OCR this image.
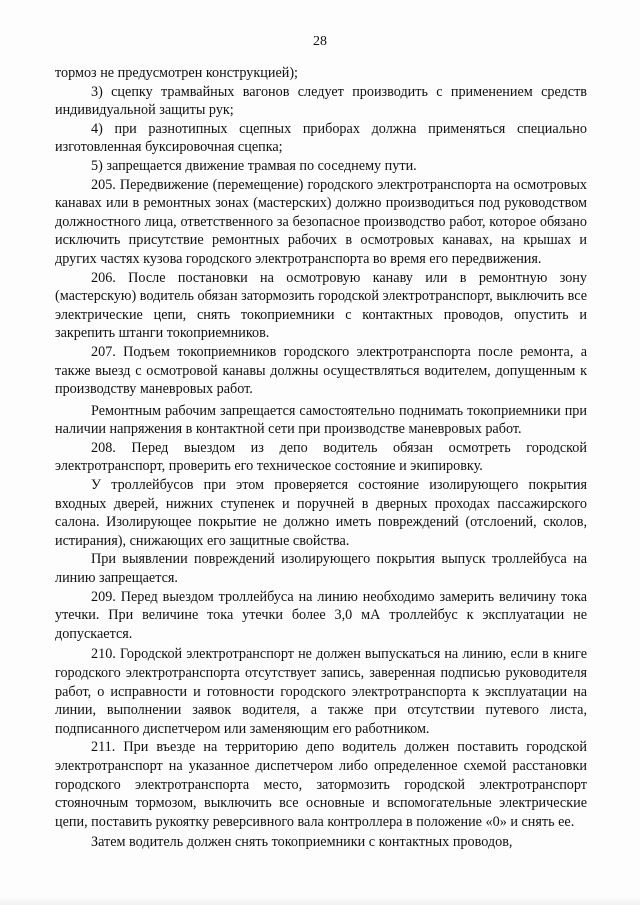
28

тормоз не предусмотрен конструкцией);

3) сцепку трамвайных вагонов следует производить с применением средств индивидуальной защиты рук;

4) при разнотипных сцепных приборах должна применяться специально изготовленная буксировочная сцепка;

5) запрещается движение трамвая по соседнему пути.

205. Передвижение (перемещение) городского электротранспорта на осмотровых канавах или в ремонтных зонах (мастерских) должно производиться под руководством должностного лица, ответственного за безопасное производство работ, которое обязано исключить присутствие ремонтных рабочих в осмотровых канавах, на крышах и других частях кузова городского электротранспорта во время его передвижения.

206. После постановки на осмотровую канаву или в ремонтную зону (мастерскую) водитель обязан затормозить городской электротранспорт, выключить все электрические цепи, снять токоприемники с контактных проводов, опустить и закрепить штанги токоприемников.

207. Подъем токоприемников городского электротранспорта после ремонта, а также выезд с осмотровой канавы должны осуществляться водителем, допущенным к производству маневровых работ.

Ремонтным рабочим запрещается самостоятельно поднимать токоприемники при наличии напряжения в контактной сети при производстве маневровых работ.

208. Перед выездом из депо водитель обязан осмотреть городской электротранспорт, проверить его техническое состояние и экипировку.

У троллейбусов при этом проверяется состояние изолирующего покрытия входных дверей, нижних ступенек и поручней в дверных проходах пассажирского салона. Изолирующее покрытие не должно иметь повреждений (отслоений, сколов, истирания), снижающих его защитные свойства.

При выявлении повреждений изолирующего покрытия выпуск троллейбуса на линию запрещается.

209. Перед выездом троллейбуса на линию необходимо замерить величину тока утечки. При величине тока утечки более 3,0 мА троллейбус к эксплуатации не допускается.

210. Городской электротранспорт не должен выпускаться на линию, если в книге городского электротранспорта отсутствует запись, заверенная подписью руководителя работ, о исправности и готовности городского электротранспорта к эксплуатации на линии, выполнении заявок водителя, а также при отсутствии путевого листа, подписанного диспетчером или заменяющим его работником.

211. При въезде на территорию депо водитель должен поставить городской электротранспорт на указанное диспетчером либо определенное схемой расстановки городского электротранспорта место, затормозить городской электротранспорт стояночным тормозом, выключить все основные и вспомогательные электрические цепи, поставить рукоятку реверсивного вала контроллера в положение «0» и снять ее.

Затем водитель должен снять токоприемники с контактных проводов,
